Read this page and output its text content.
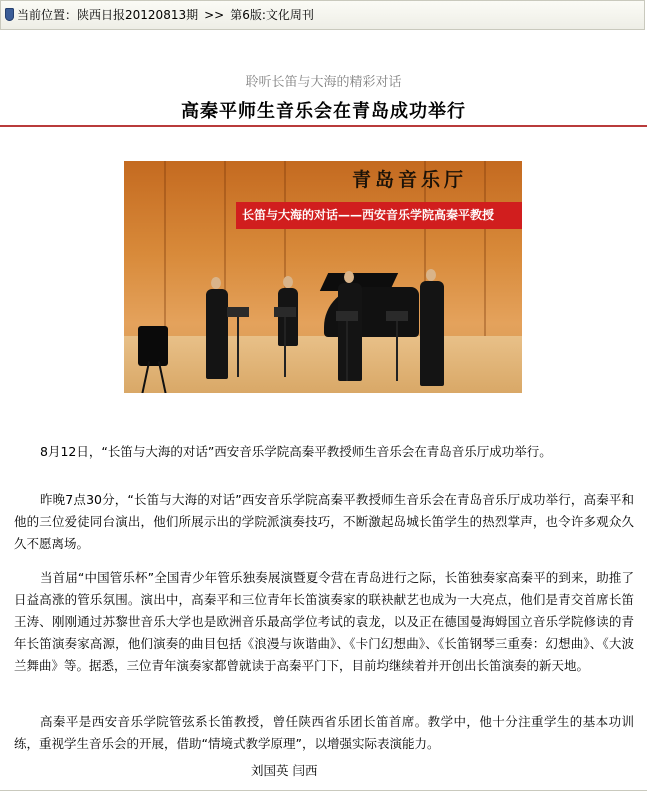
当前位置：陕西日报20120813期 >> 第6版:文化周刊
聆听长笛与大海的精彩对话
高秦平师生音乐会在青岛成功举行
青岛音乐厅
长笛与大海的对话——西安音乐学院高秦平教授

8月12日，“长笛与大海的对话”西安音乐学院高秦平教授师生音乐会在青岛音乐厅成功举行。

昨晚7点30分，“长笛与大海的对话”西安音乐学院高秦平教授师生音乐会在青岛音乐厅成功举行，高秦平和他的三位爱徒同台演出，他们所展示出的学院派演奏技巧，不断激起岛城长笛学生的热烈掌声，也令许多观众久久不愿离场。

当首届“中国管乐杯”全国青少年管乐独奏展演暨夏令营在青岛进行之际，长笛独奏家高秦平的到来，助推了日益高涨的管乐氛围。演出中，高秦平和三位青年长笛演奏家的联袂献艺也成为一大亮点，他们是青交首席长笛王涛、刚刚通过苏黎世音乐大学也是欧洲音乐最高学位考试的袁龙，以及正在德国曼海姆国立音乐学院修读的青年长笛演奏家高源，他们演奏的曲目包括《浪漫与诙谐曲》、《卡门幻想曲》、《长笛钢琴三重奏：幻想曲》、《大波兰舞曲》等。据悉，三位青年演奏家都曾就读于高秦平门下，目前均继续着并开创出长笛演奏的新天地。

高秦平是西安音乐学院管弦系长笛教授，曾任陕西省乐团长笛首席。教学中，他十分注重学生的基本功训练，重视学生音乐会的开展，借助“情境式教学原理”，以增强实际表演能力。

刘国英 闫西
